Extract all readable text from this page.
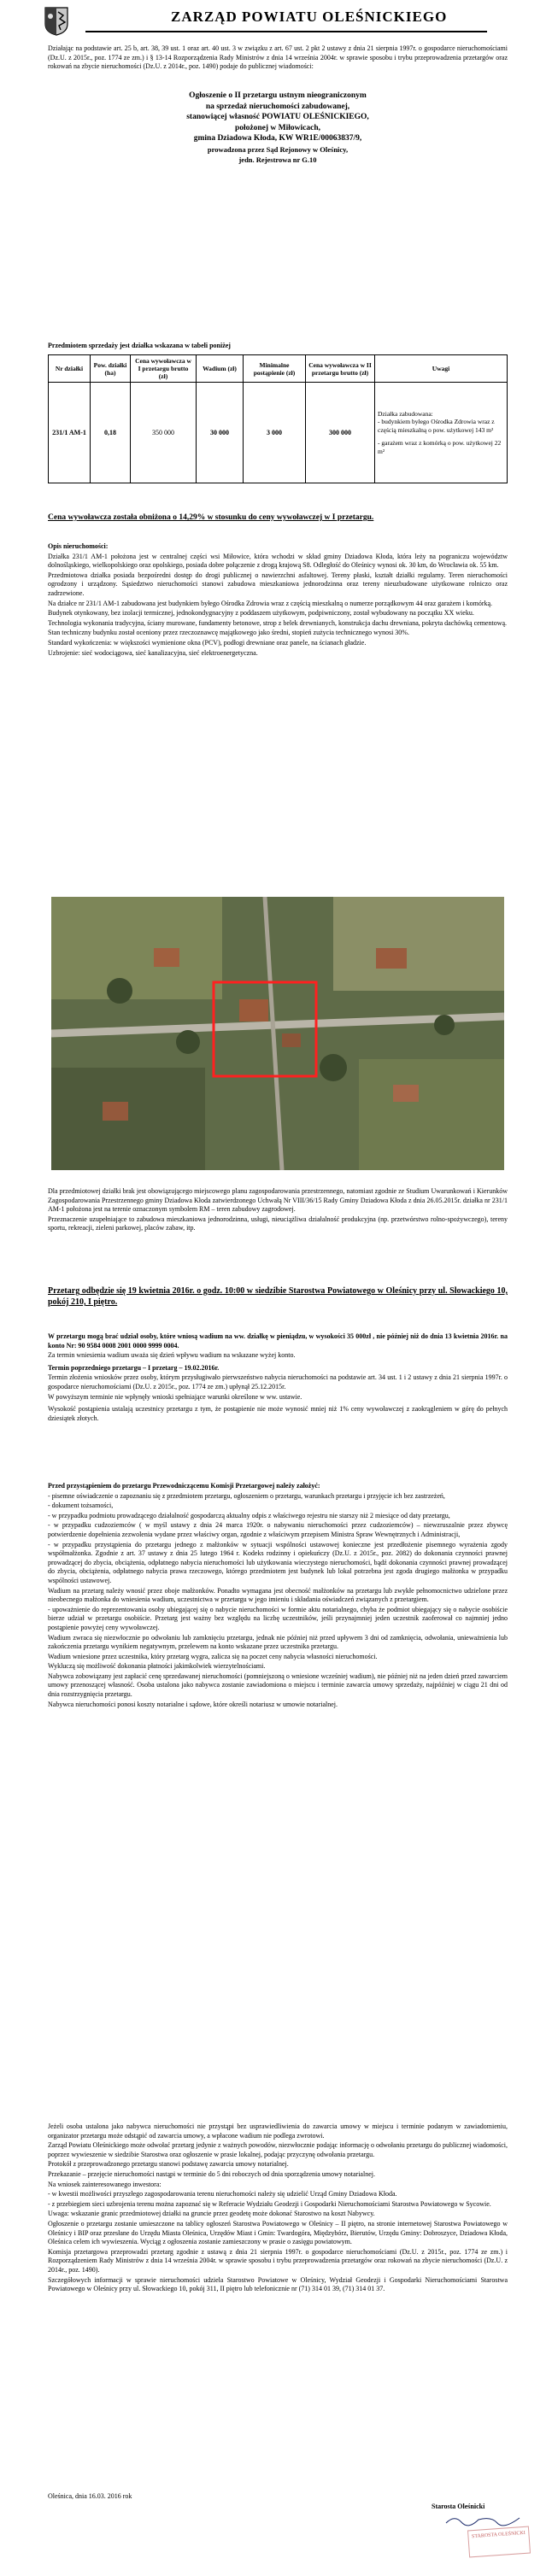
ZARZĄD POWIATU OLEŚNICKIEGO
Działając na podstawie art. 25 b, art. 38, 39 ust. 1 oraz art. 40 ust. 3 w związku z art. 67 ust. 2 pkt 2 ustawy z dnia 21 sierpnia 1997r. o gospodarce nieruchomościami (Dz.U. z 2015r., poz. 1774 ze zm.) i § 13-14 Rozporządzenia Rady Ministrów z dnia 14 września 2004r. w sprawie sposobu i trybu przeprowadzenia przetargów oraz rokowań na zbycie nieruchomości (Dz.U. z 2014r., poz. 1490) podaje do publicznej wiadomości:
Ogłoszenie o II przetargu ustnym nieograniczonym
na sprzedaż nieruchomości zabudowanej,
stanowiącej własność POWIATU OLEŚNICKIEGO,
położonej w Miłowicach,
gmina Dziadowa Kłoda, KW WR1E/00063837/9,
prowadzona przez Sąd Rejonowy w Oleśnicy,
jedn. Rejestrowa nr G.10
Przedmiotem sprzedaży jest działka wskazana w tabeli poniżej
Nr działki	Pow. działki (ha)	Cena wywoławcza w I przetargu brutto (zł)	Wadium (zł)	Minimalne postąpienie (zł)	Cena wywoławcza w II przetargu brutto (zł)	Uwagi
231/1 AM-1	0,18	350 000	30 000	3 000	300 000	Działka zabudowana:
- budynkiem byłego Ośrodka Zdrowia wraz z częścią mieszkalną o pow. użytkowej 143 m²
- garażem wraz z komórką o pow. użytkowej 22 m²
Cena wywoławcza została obniżona o 14,29% w stosunku do ceny wywoławczej w I przetargu.

Opis nieruchomości:

Działka 231/1 AM-1 położona jest w centralnej części wsi Miłowice, która wchodzi w skład gminy Dziadowa Kłoda, która leży na pograniczu województw dolnośląskiego, wielkopolskiego oraz opolskiego, posiada dobre połączenie z drogą krajową S8. Odległość do Oleśnicy wynosi ok. 30 km, do Wrocławia ok. 55 km.

Przedmiotowa działka posiada bezpośredni dostęp do drogi publicznej o nawierzchni asfaltowej. Tereny płaski, kształt działki regularny. Teren nieruchomości ogrodzony i urządzony. Sąsiedztwo nieruchomości stanowi zabudowa mieszkaniowa jednorodzinna oraz tereny nieuzbudowane użytkowane rolniczo oraz zadrzewione.

Na działce nr 231/1 AM-1 zabudowana jest budynkiem byłego Ośrodka Zdrowia wraz z częścią mieszkalną o numerze porządkowym 44 oraz garażem i komórką.

Budynek otynkowany, bez izolacji termicznej, jednokondygnacyjny z poddaszem użytkowym, podpiwniczony, został wybudowany na początku XX wieku.

Technologia wykonania tradycyjna, ściany murowane, fundamenty betonowe, strop z belek drewnianych, konstrukcja dachu drewniana, pokryta dachówką cementową.

Stan techniczny budynku został oceniony przez rzeczoznawcę majątkowego jako średni, stopień zużycia technicznego wynosi 30%.

Standard wykończenia: w większości wymienione okna (PCV), podłogi drewniane oraz panele, na ścianach gładzie.

Uzbrojenie: sieć wodociągowa, sieć kanalizacyjna, sieć elektroenergetyczna.

Dla przedmiotowej działki brak jest obowiązującego miejscowego planu zagospodarowania przestrzennego, natomiast zgodnie ze Studium Uwarunkowań i Kierunków Zagospodarowania Przestrzennego gminy Dziadowa Kłoda zatwierdzonego Uchwałą Nr VIII/36/15 Rady Gminy Dziadowa Kłoda z dnia 26.05.2015r. działka nr 231/1 AM-1 położona jest na terenie oznaczonym symbolem RM – teren zabudowy zagrodowej.

Przeznaczenie uzupełniające to zabudowa mieszkaniowa jednorodzinna, usługi, nieuciążliwa działalność produkcyjna (np. przetwórstwo rolno-spożywczego), tereny sportu, rekreacji, zieleni parkowej, placów zabaw, itp.

Przetarg odbędzie się 19 kwietnia 2016r. o godz. 10:00 w siedzibie Starostwa Powiatowego w Oleśnicy przy ul. Słowackiego 10, pokój 210, I piętro.

W przetargu mogą brać udział osoby, które wniosą wadium na ww. działkę w pieniądzu, w wysokości 35 000zł , nie później niż do dnia 13 kwietnia 2016r. na konto Nr: 90 9584 0008 2001 0000 9999 0004.

Za termin wniesienia wadium uważa się dzień wpływu wadium na wskazane wyżej konto.

Termin poprzedniego przetargu – I przetarg – 19.02.2016r.

Termin złożenia wniosków przez osoby, którym przysługiwało pierwszeństwo nabycia nieruchomości na podstawie art. 34 ust. 1 i 2 ustawy z dnia 21 sierpnia 1997r. o gospodarce nieruchomościami (Dz.U. z 2015r., poz. 1774 ze zm.) upłynął 25.12.2015r.

W powyższym terminie nie wpłynęły wnioski spełniające warunki określone w ww. ustawie.

Wysokość postąpienia ustalają uczestnicy przetargu z tym, że postąpienie nie może wynosić mniej niż 1% ceny wywoławczej z zaokrągleniem w górę do pełnych dziesiątek złotych.

Przed przystąpieniem do przetargu Przewodniczącemu Komisji Przetargowej należy założyć:

- pisemne oświadczenie o zapoznaniu się z przedmiotem przetargu, ogłoszeniem o przetargu, warunkach przetargu i przyjęcie ich bez zastrzeżeń,

- dokument tożsamości,

- w przypadku podmiotu prowadzącego działalność gospodarczą aktualny odpis z właściwego rejestru nie starszy niż 2 miesiące od daty przetargu,

- w przypadku cudzoziemców ( w myśl ustawy z dnia 24 marca 1920r. o nabywaniu nieruchomości przez cudzoziemców) – niewzruszalnie przez zbywcę potwierdzenie dopełnienia zezwolenia wydane przez właściwy organ, zgodnie z właściwym przepisem Ministra Spraw Wewnętrznych i Administracji,

- w przypadku przystąpienia do przetargu jednego z małżonków w sytuacji wspólności ustawowej konieczne jest przedłożenie pisemnego wyrażenia zgody współmałżonka. Zgodnie z art. 37 ustawy z dnia 25 lutego 1964 r. Kodeks rodzinny i opiekuńczy (Dz.U. z 2015r., poz. 2082) do dokonania czynności prawnej prowadzącej do zbycia, obciążenia, odpłatnego nabycia nieruchomości lub użytkowania wieczystego nieruchomości, bądź dokonania czynności prawnej prowadzącej do zbycia, obciążenia, odpłatnego nabycia prawa rzeczowego, którego przedmiotem jest budynek lub lokal potrzebna jest zgoda drugiego małżonka w przypadku wspólności ustawowej.

Wadium na przetarg należy wnosić przez oboje małżonków. Ponadto wymagana jest obecność małżonków na przetargu lub zwykłe pełnomocnictwo udzielone przez nieobecnego małżonka do wniesienia wadium, uczestnictwa w przetargu w jego imieniu i składania oświadczeń związanych z przetargiem.

- upoważnienie do reprezentowania osoby ubiegającej się o nabycie nieruchomości w formie aktu notarialnego, chyba że podmiot ubiegający się o nabycie osobiście bierze udział w przetargu osobiście. Przetarg jest ważny bez względu na liczbę uczestników, jeśli przynajmniej jeden uczestnik zaoferował co najmniej jedno postąpienie powyżej ceny wywoławczej.

Wadium zwraca się niezwłocznie po odwołaniu lub zamknięciu przetargu, jednak nie później niż przed upływem 3 dni od zamknięcia, odwołania, unieważnienia lub zakończenia przetargu wynikiem negatywnym, przelewem na konto wskazane przez uczestnika przetargu.

Wadium wniesione przez uczestnika, który przetarg wygra, zalicza się na poczet ceny nabycia własności nieruchomości.

Wykluczą się możliwość dokonania płatności jakimkolwiek wierzytelnościami.

Nabywca zobowiązany jest zapłacić cenę sprzedawanej nieruchomości (pomniejszoną o wniesione wcześniej wadium), nie później niż na jeden dzień przed zawarciem umowy przenoszącej własność. Osoba ustalona jako nabywca zostanie zawiadomiona o miejscu i terminie zawarcia umowy sprzedaży, najpóźniej w ciągu 21 dni od dnia rozstrzygnięcia przetargu.

Nabywca nieruchomości ponosi koszty notarialne i sądowe, które określi notariusz w umowie notarialnej.

Jeżeli osoba ustalona jako nabywca nieruchomości nie przystąpi bez usprawiedliwienia do zawarcia umowy w miejscu i terminie podanym w zawiadomieniu, organizator przetargu może odstąpić od zawarcia umowy, a wpłacone wadium nie podlega zwrotowi.

Zarząd Powiatu Oleśnickiego może odwołać przetarg jedynie z ważnych powodów, niezwłocznie podając informację o odwołaniu przetargu do publicznej wiadomości, poprzez wywieszenie w siedzibie Starostwa oraz ogłoszenie w prasie lokalnej, podając przyczynę odwołania przetargu.

Protokół z przeprowadzonego przetargu stanowi podstawę zawarcia umowy notarialnej.

Przekazanie – przejęcie nieruchomości nastąpi w terminie do 5 dni roboczych od dnia sporządzenia umowy notarialnej.

Na wniosek zainteresowanego inwestora:

- w kwestii możliwości przyszłego zagospodarowania terenu nieruchomości należy się udzielić Urząd Gminy Dziadowa Kłoda.

- z przebiegiem sieci uzbrojenia terenu można zapoznać się w Referacie Wydziału Geodezji i Gospodarki Nieruchomościami Starostwa Powiatowego w Sycowie.

Uwaga: wskazanie granic przedmiotowej działki na gruncie przez geodetę może dokonać Starostwo na koszt Nabywcy.

Ogłoszenie o przetargu zostanie umieszczone na tablicy ogłoszeń Starostwa Powiatowego w Oleśnicy – II piętro, na stronie internetowej Starostwa Powiatowego w Oleśnicy i BIP oraz przesłane do Urzędu Miasta Oleśnica, Urzędów Miast i Gmin: Twardogóra, Międzybórz, Bierutów, Urzędu Gminy: Dobroszyce, Dziadowa Kłoda, Oleśnica celem ich wywieszenia. Wyciąg z ogłoszenia zostanie zamieszczony w prasie o zasięgu powiatowym.

Komisja przetargowa przeprowadzi przetarg zgodnie z ustawą z dnia 21 sierpnia 1997r. o gospodarce nieruchomościami (Dz.U. z 2015r., poz. 1774 ze zm.) i Rozporządzeniem Rady Ministrów z dnia 14 września 2004r. w sprawie sposobu i trybu przeprowadzenia przetargów oraz rokowań na zbycie nieruchomości (Dz.U. z 2014r., poz. 1490).

Szczegółowych informacji w sprawie nieruchomości udziela Starostwo Powiatowe w Oleśnicy, Wydział Geodezji i Gospodarki Nieruchomościami Starostwa Powiatowego w Oleśnicy przy ul. Słowackiego 10, pokój 311, II piętro lub telefonicznie nr (71) 314 01 39, (71) 314 01 37.

Oleśnica, dnia 16.03. 2016 rok
Starosta Oleśnicki
STAROSTA OLEŚNICKI
